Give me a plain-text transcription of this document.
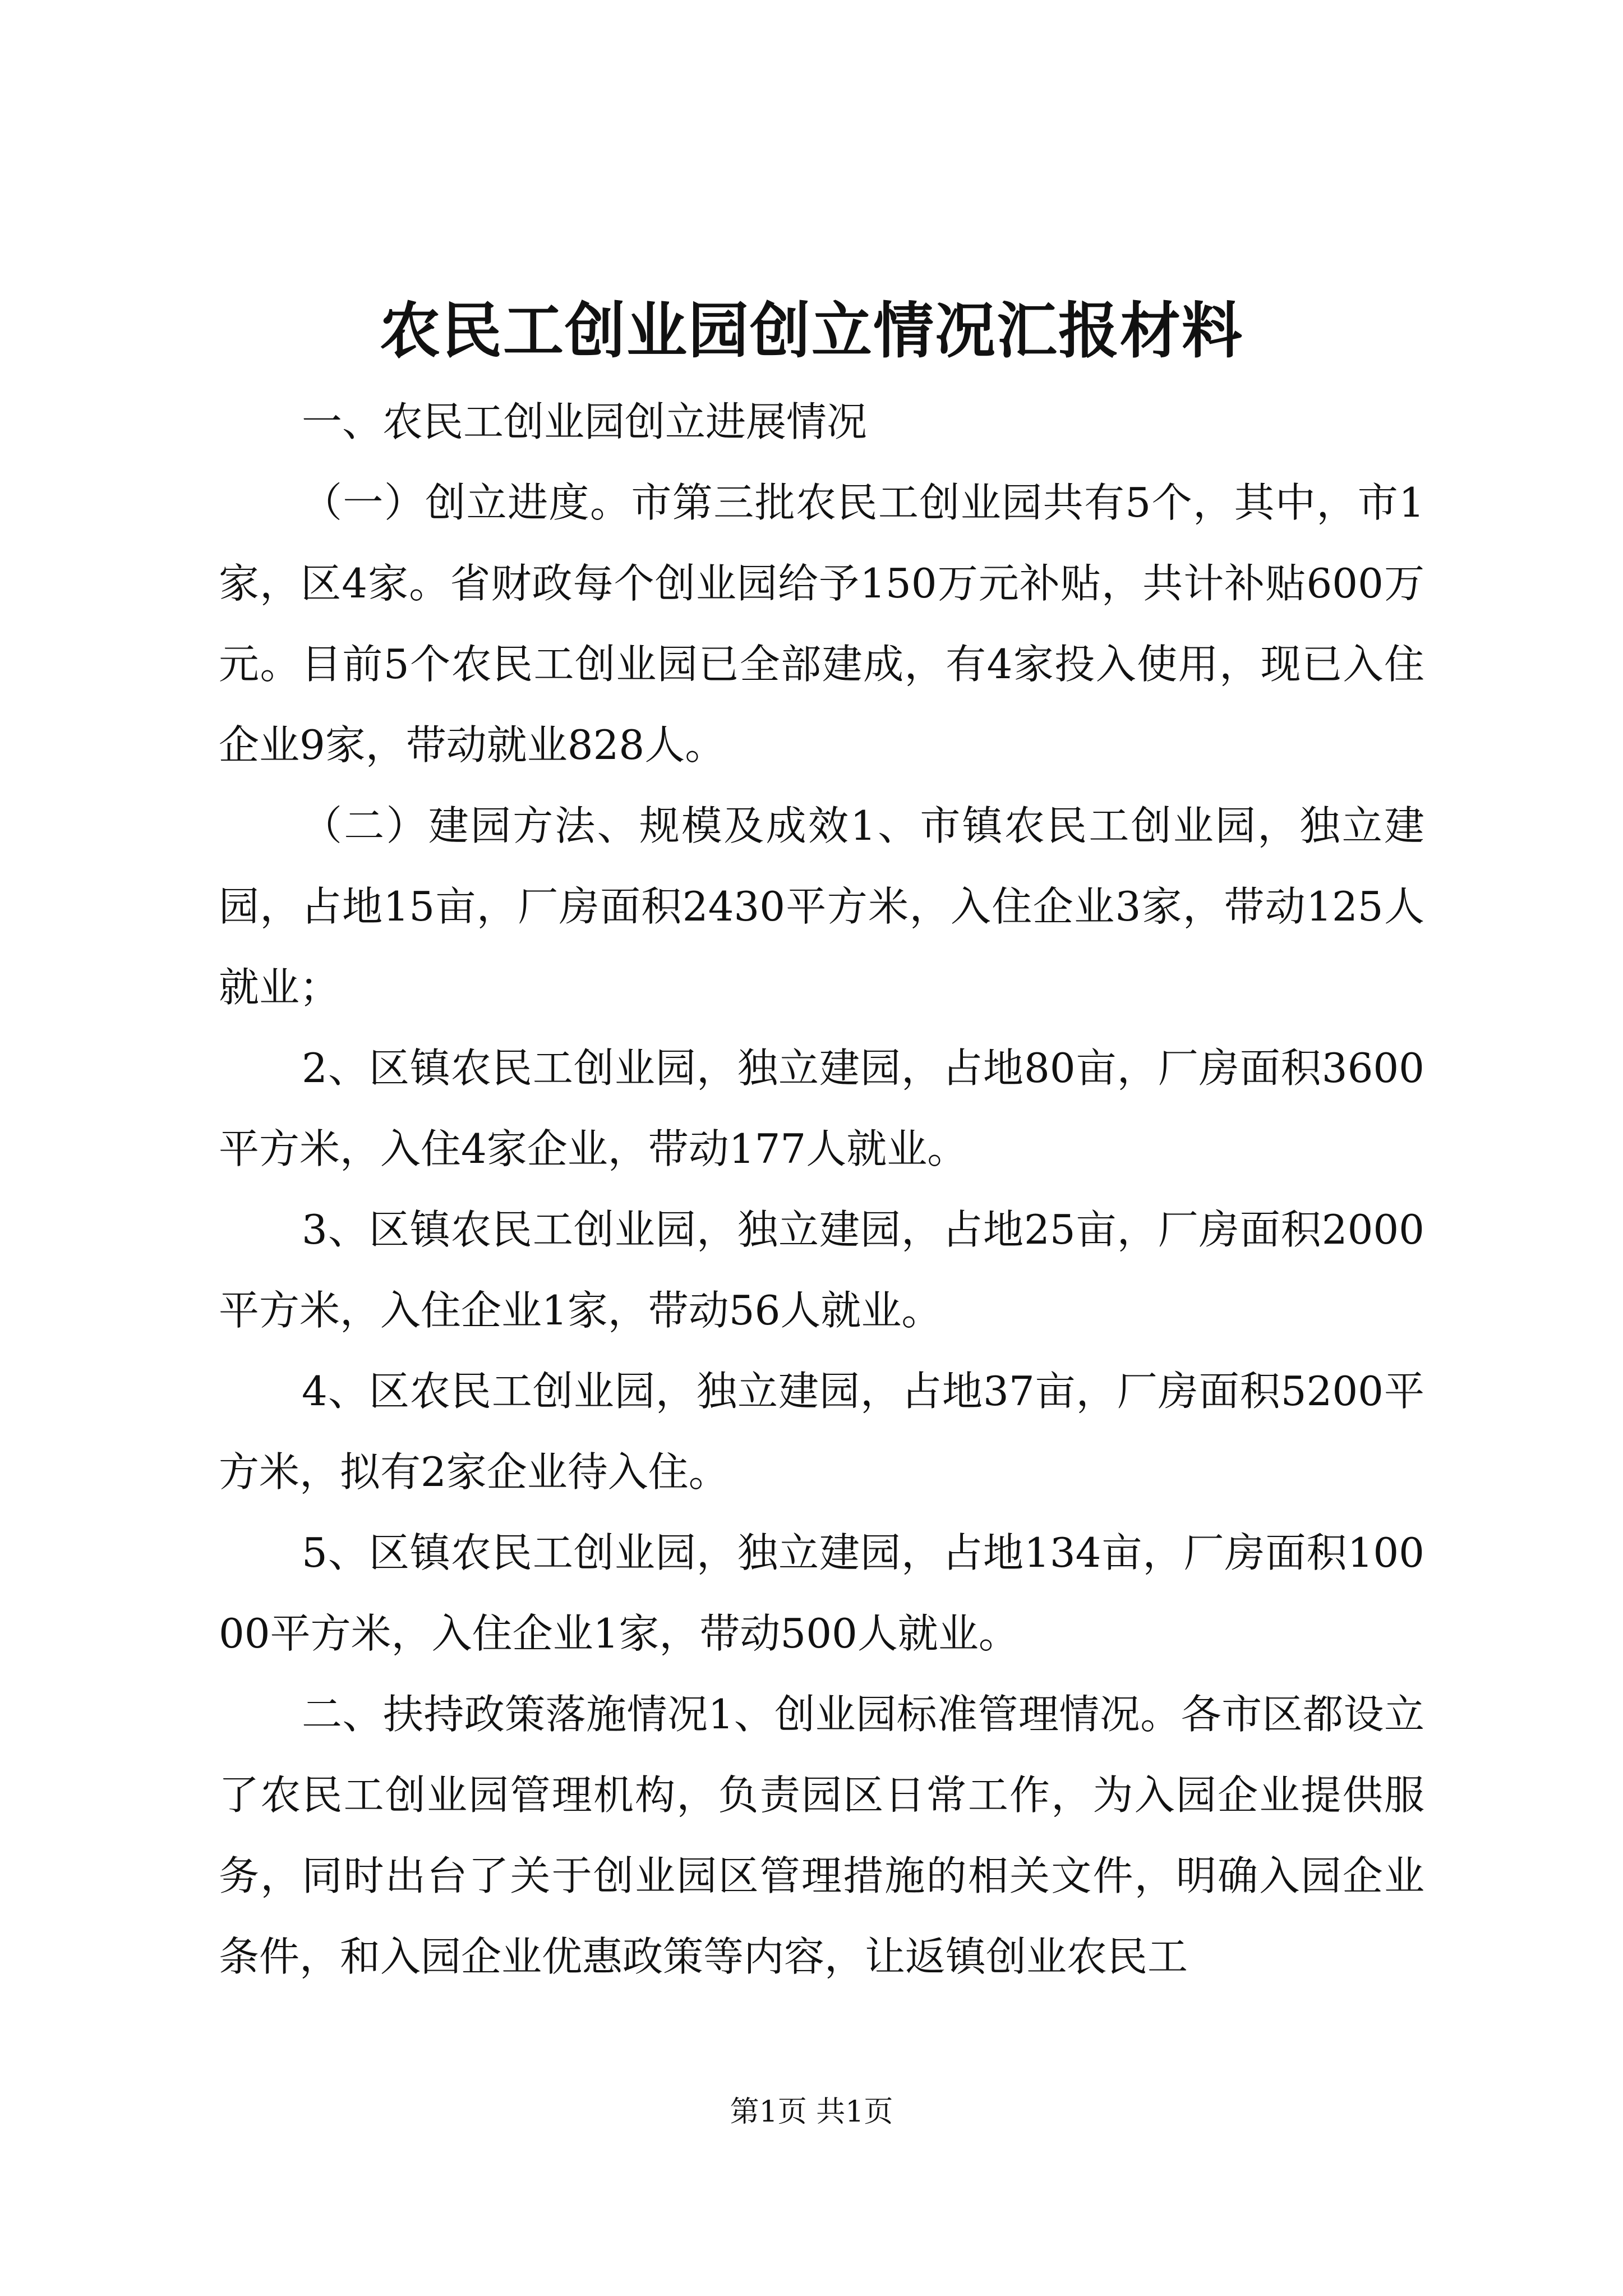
农民工创业园创立情况汇报材料

一、农民工创业园创立进展情况

（一）创立进度。市第三批农民工创业园共有5个，其中，市1家，区4家。省财政每个创业园给予150万元补贴，共计补贴600万元。目前5个农民工创业园已全部建成，有4家投入使用，现已入住企业9家，带动就业828人。

（二）建园方法、规模及成效1、市镇农民工创业园，独立建园，占地15亩，厂房面积2430平方米，入住企业3家，带动125人就业；

2、区镇农民工创业园，独立建园，占地80亩，厂房面积3600平方米，入住4家企业，带动177人就业。

3、区镇农民工创业园，独立建园，占地25亩，厂房面积2000平方米，入住企业1家，带动56人就业。

4、区农民工创业园，独立建园，占地37亩，厂房面积5200平方米，拟有2家企业待入住。

5、区镇农民工创业园，独立建园，占地134亩，厂房面积10000平方米，入住企业1家，带动500人就业。

二、扶持政策落施情况1、创业园标准管理情况。各市区都设立了农民工创业园管理机构，负责园区日常工作，为入园企业提供服务，同时出台了关于创业园区管理措施的相关文件，明确入园企业条件，和入园企业优惠政策等内容，让返镇创业农民工

第1页 共1页
